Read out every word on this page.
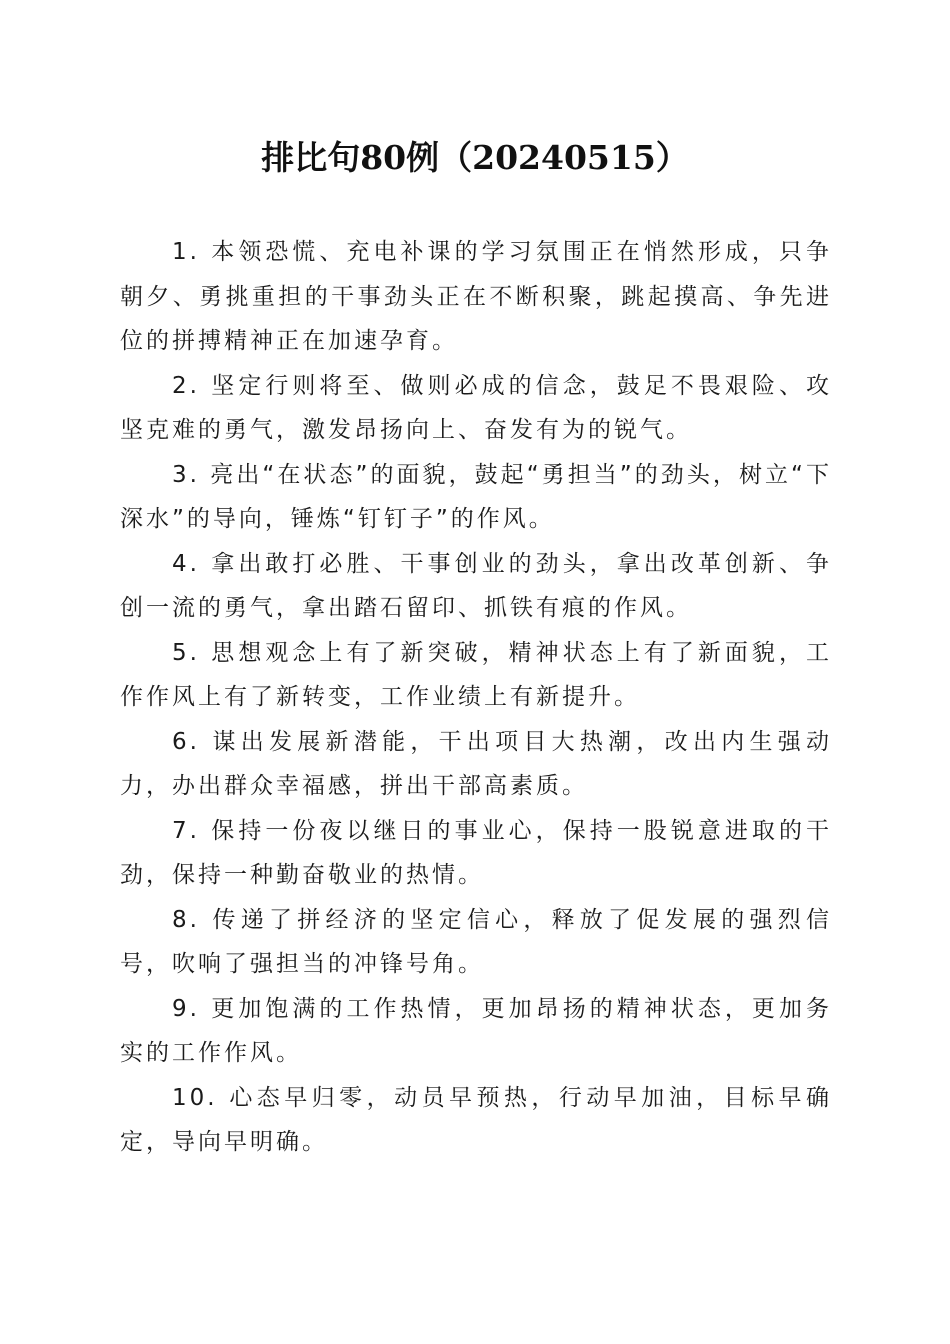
排比句80例（20240515）

1. 本领恐慌、充电补课的学习氛围正在悄然形成，只争朝夕、勇挑重担的干事劲头正在不断积聚，跳起摸高、争先进位的拼搏精神正在加速孕育。

2. 坚定行则将至、做则必成的信念，鼓足不畏艰险、攻坚克难的勇气，激发昂扬向上、奋发有为的锐气。

3. 亮出“在状态”的面貌，鼓起“勇担当”的劲头，树立“下深水”的导向，锤炼“钉钉子”的作风。

4. 拿出敢打必胜、干事创业的劲头，拿出改革创新、争创一流的勇气，拿出踏石留印、抓铁有痕的作风。

5. 思想观念上有了新突破，精神状态上有了新面貌，工作作风上有了新转变，工作业绩上有新提升。

6. 谋出发展新潜能，干出项目大热潮，改出内生强动力，办出群众幸福感，拼出干部高素质。

7. 保持一份夜以继日的事业心，保持一股锐意进取的干劲，保持一种勤奋敬业的热情。

8. 传递了拼经济的坚定信心，释放了促发展的强烈信号，吹响了强担当的冲锋号角。

9. 更加饱满的工作热情，更加昂扬的精神状态，更加务实的工作作风。

10. 心态早归零，动员早预热，行动早加油，目标早确定，导向早明确。
